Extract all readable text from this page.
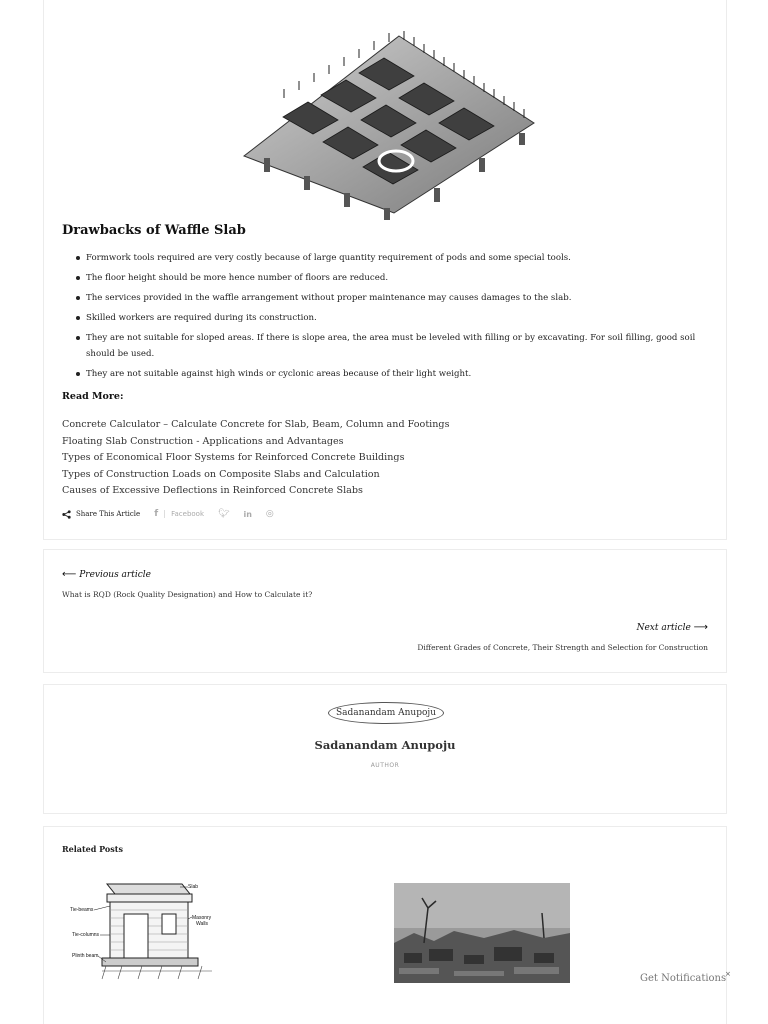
Drawbacks of Waffle Slab
Formwork tools required are very costly because of large quantity requirement of pods and some special tools.
The floor height should be more hence number of floors are reduced.
The services provided in the waffle arrangement without proper maintenance may causes damages to the slab.
Skilled workers are required during its construction.
They are not suitable for sloped areas. If there is slope area, the area must be leveled with filling or by excavating. For soil filling, good soil should be used.
They are not suitable against high winds or cyclonic areas because of their light weight.
Read More:
Concrete Calculator – Calculate Concrete for Slab, Beam, Column and Footings
Floating Slab Construction - Applications and Advantages
Types of Economical Floor Systems for Reinforced Concrete Buildings
Types of Construction Loads on Composite Slabs and Calculation
Causes of Excessive Deflections in Reinforced Concrete Slabs
Share This Article f Facebook 🐦︎ in ◎
⟵
Previous article
What is RQD (Rock Quality Designation) and How to Calculate it?
Next article
⟶
Different Grades of Concrete, Their Strength and Selection for Construction
Sadanandam Anupoju
Sadanandam Anupoju
AUTHOR
Related Posts
Slab
Tie-beams
Masonry
Walls
Tie-columns
Plinth beam
Get Notifications
×
